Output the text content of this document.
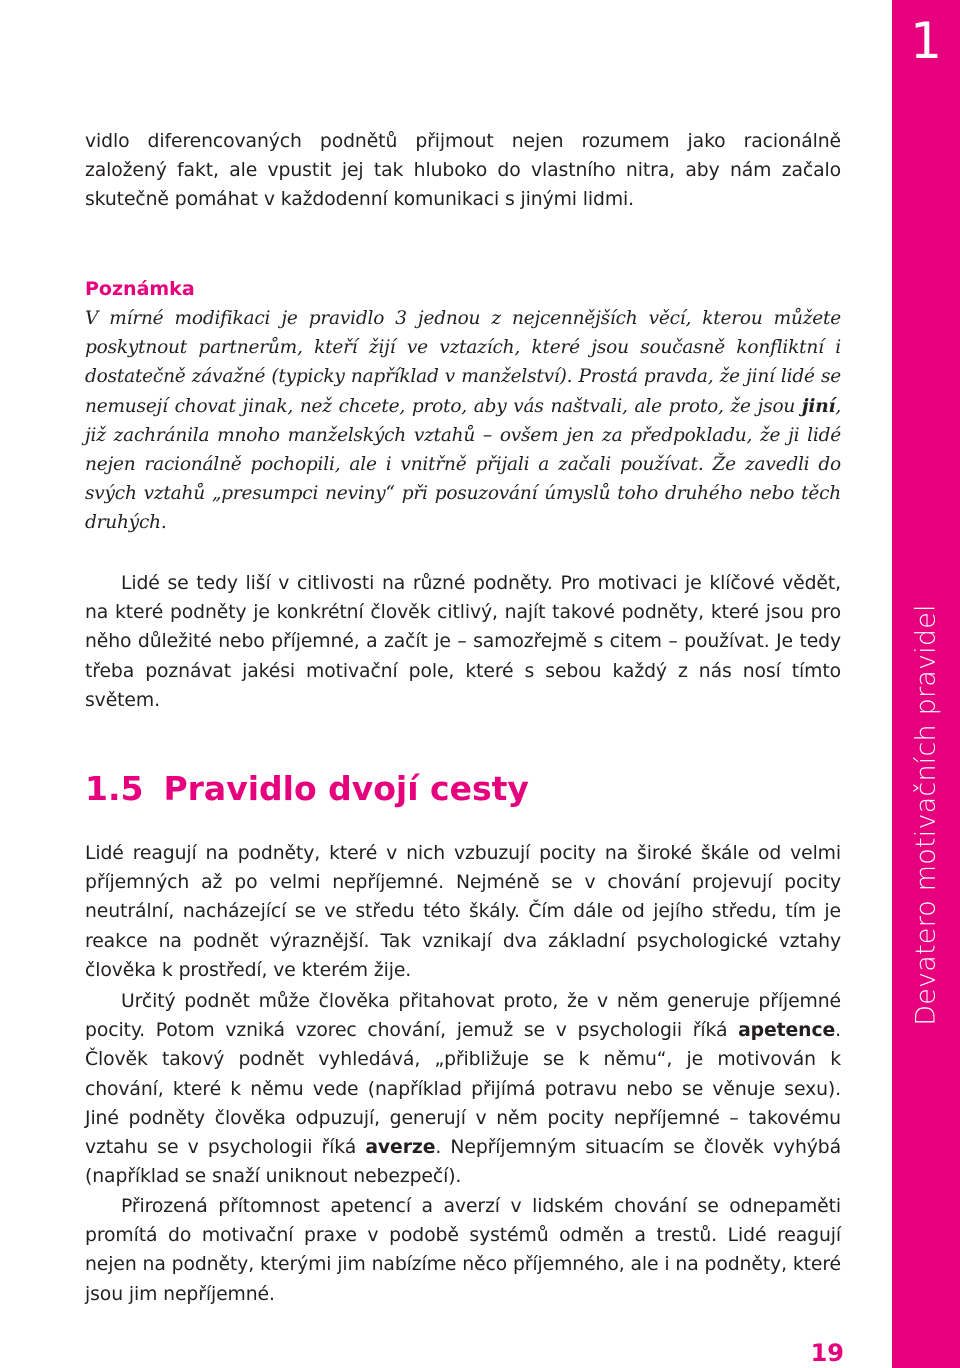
1
Devatero motivačních pravidel

vidlo diferencovaných podnětů přijmout nejen rozumem jako racionálně založený fakt, ale vpustit jej tak hluboko do vlastního nitra, aby nám začalo skutečně pomáhat v každodenní komunikaci s jinými lidmi.

Poznámka

V mírné modifikaci je pravidlo 3 jednou z nejcennějších věcí, kterou můžete poskytnout partnerům, kteří žijí ve vztazích, které jsou současně konfliktní i dostatečně závažné (typicky například v manželství). Prostá pravda, že jiní lidé se nemusejí chovat jinak, než chcete, proto, aby vás naštvali, ale proto, že jsou jiní, již zachránila mnoho manželských vztahů – ovšem jen za předpokladu, že ji lidé nejen racionálně pochopili, ale i vnitřně přijali a začali používat. Že zavedli do svých vztahů „presumpci neviny“ při posuzování úmyslů toho druhého nebo těch druhých.

Lidé se tedy liší v citlivosti na různé podněty. Pro motivaci je klíčové vědět, na které podněty je konkrétní člověk citlivý, najít takové podněty, které jsou pro něho důležité nebo příjemné, a začít je – samozřejmě s citem – používat. Je tedy třeba poznávat jakési motivační pole, které s sebou každý z nás nosí tímto světem.

1.5 Pravidlo dvojí cesty

Lidé reagují na podněty, které v nich vzbuzují pocity na široké škále od velmi příjemných až po velmi nepříjemné. Nejméně se v chování projevují pocity neutrální, nacházející se ve středu této škály. Čím dále od jejího středu, tím je reakce na podnět výraznější. Tak vznikají dva základní psychologické vztahy člověka k prostředí, ve kterém žije.

Určitý podnět může člověka přitahovat proto, že v něm generuje příjemné pocity. Potom vzniká vzorec chování, jemuž se v psychologii říká apetence. Člověk takový podnět vyhledává, „přibližuje se k němu“, je motivován k chování, které k němu vede (například přijímá potravu nebo se věnuje sexu). Jiné podněty člověka odpuzují, generují v něm pocity nepříjemné – takovému vztahu se v psychologii říká averze. Nepříjemným situacím se člověk vyhýbá (například se snaží uniknout nebezpečí).

Přirozená přítomnost apetencí a averzí v lidském chování se odnepaměti promítá do motivační praxe v podobě systémů odměn a trestů. Lidé reagují nejen na podněty, kterými jim nabízíme něco příjemného, ale i na podněty, které jsou jim nepříjemné.

19
